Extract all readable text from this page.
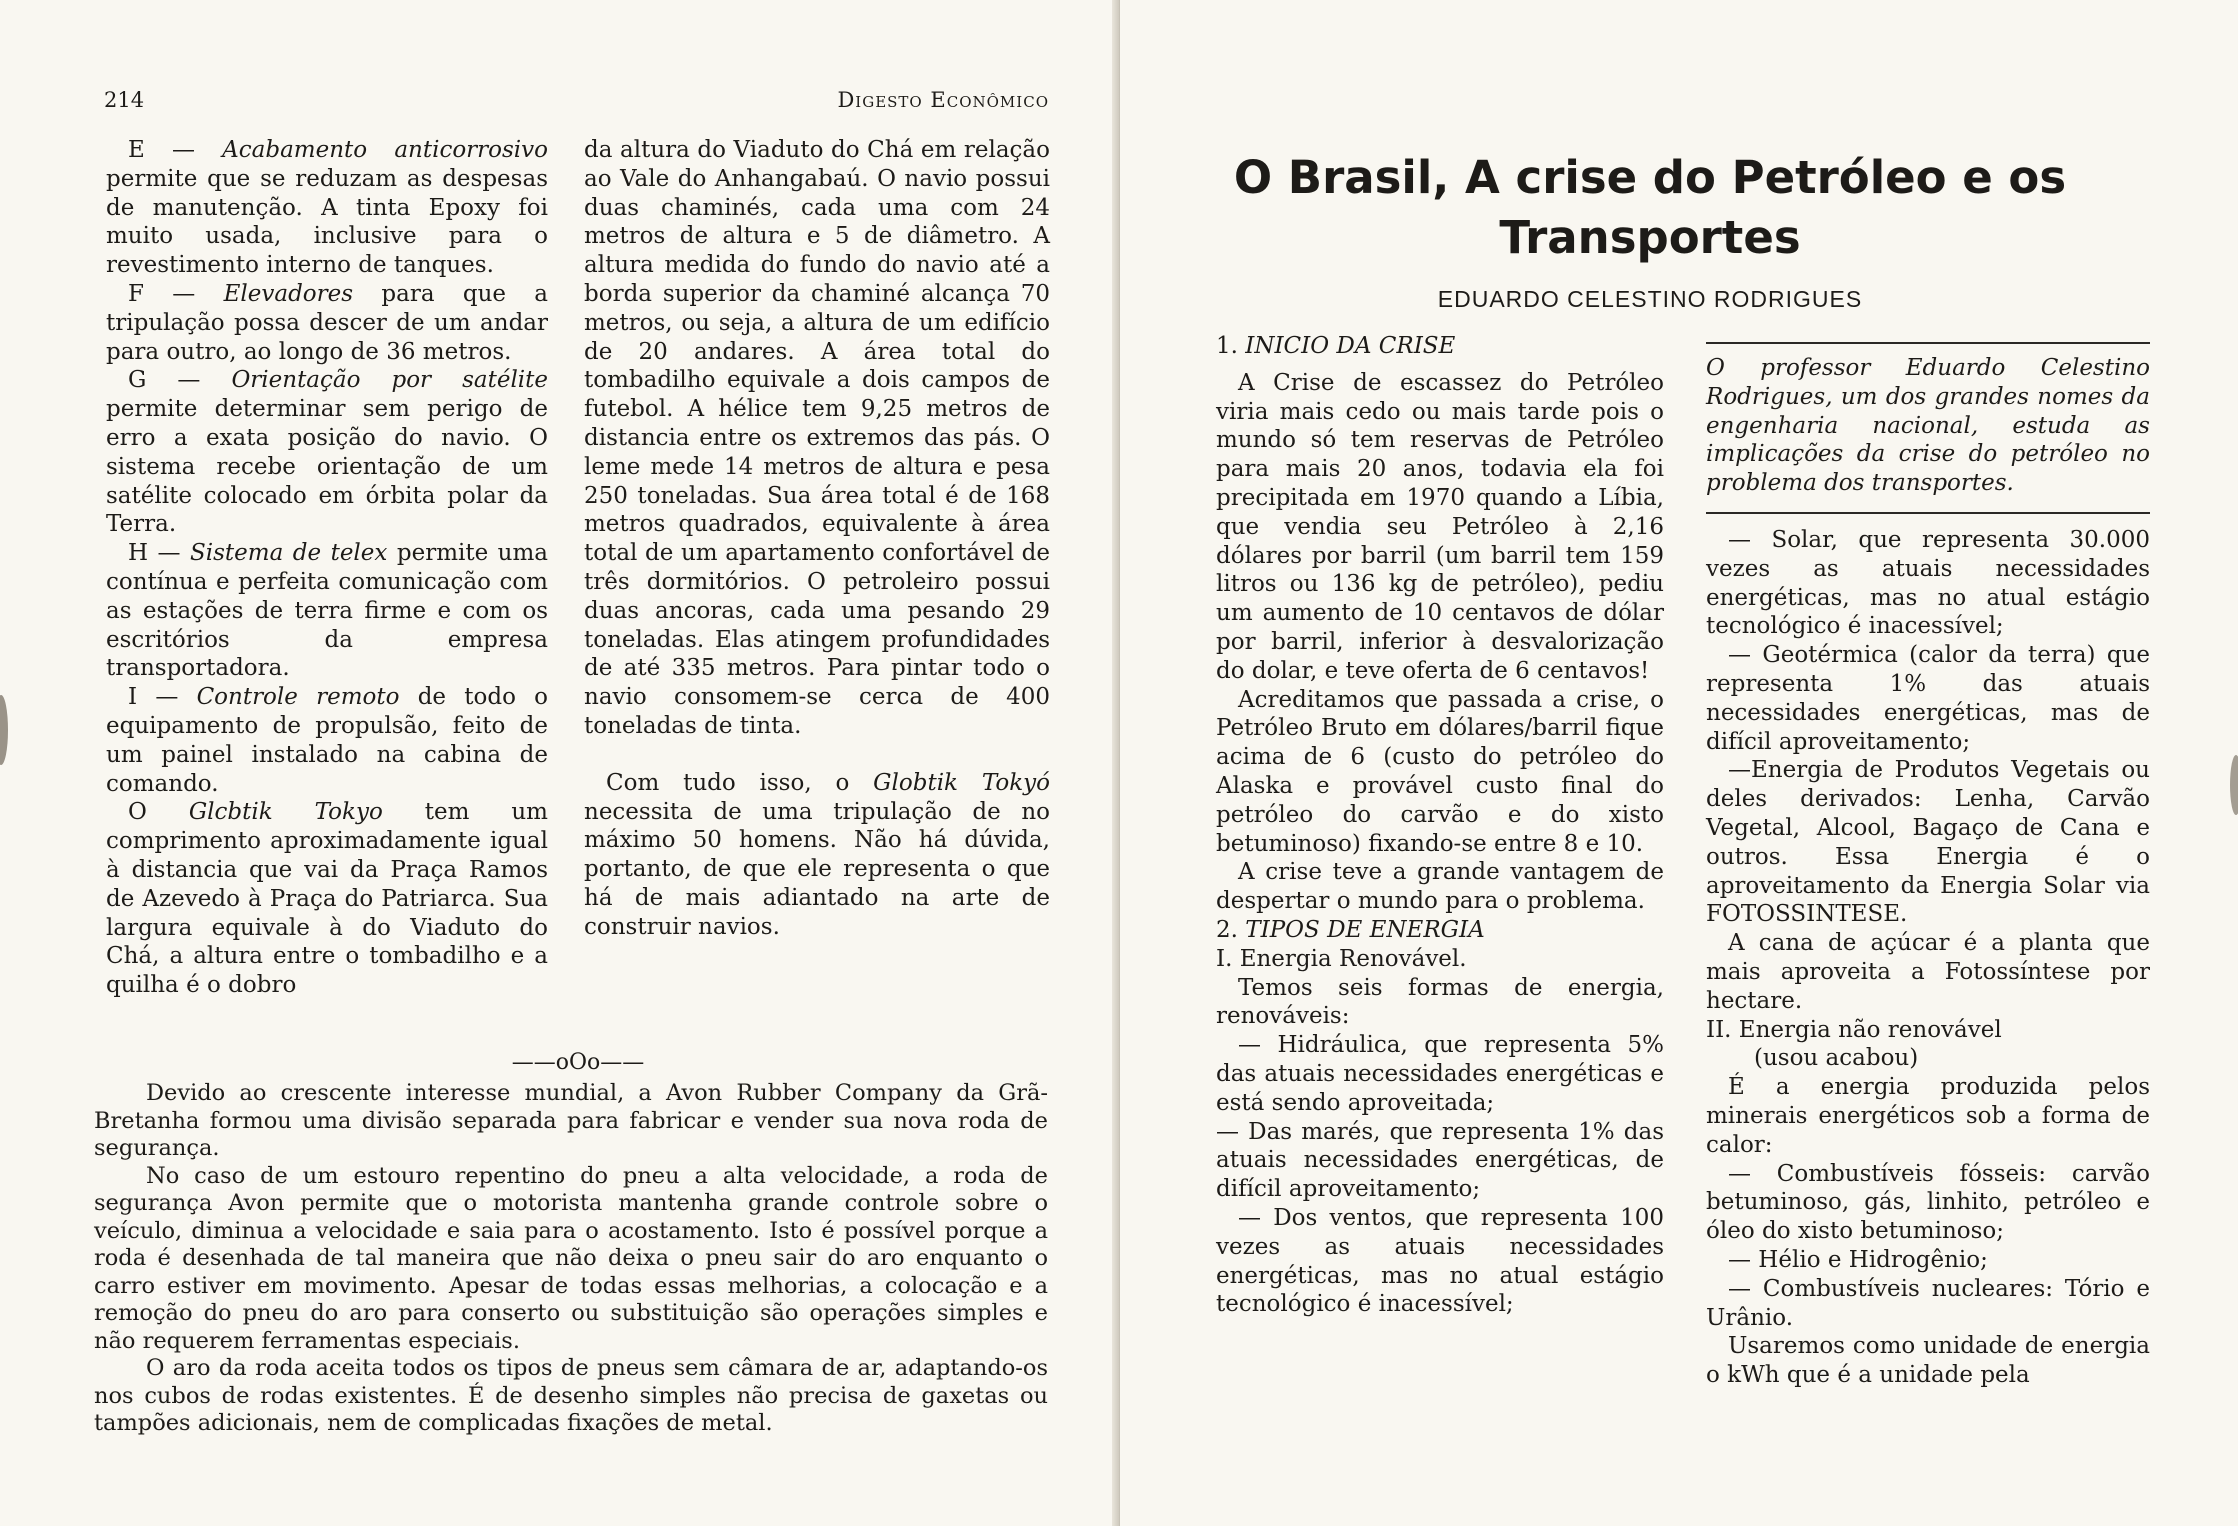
214	Digesto Econômico

E — Acabamento anticorrosivo permite que se reduzam as despesas de manutenção. A tinta Epoxy foi muito usada, inclusive para o revestimento interno de tanques.

F — Elevadores para que a tripulação possa descer de um andar para outro, ao longo de 36 metros.

G — Orientação por satélite permite determinar sem perigo de erro a exata posição do navio. O sistema recebe orientação de um satélite colocado em órbita polar da Terra.

H — Sistema de telex permite uma contínua e perfeita comunicação com as estações de terra firme e com os escritórios da empresa transportadora.

I — Controle remoto de todo o equipamento de propulsão, feito de um painel instalado na cabina de comando.

O Glcbtik Tokyo tem um comprimento aproximadamente igual à distancia que vai da Praça Ramos de Azevedo à Praça do Patriarca. Sua largura equivale à do Viaduto do Chá, a altura entre o tombadilho e a quilha é o dobro

da altura do Viaduto do Chá em relação ao Vale do Anhangabaú. O navio possui duas chaminés, cada uma com 24 metros de altura e 5 de diâmetro. A altura medida do fundo do navio até a borda superior da chaminé alcança 70 metros, ou seja, a altura de um edifício de 20 andares. A área total do tombadilho equivale a dois campos de futebol. A hélice tem 9,25 metros de distancia entre os extremos das pás. O leme mede 14 metros de altura e pesa 250 toneladas. Sua área total é de 168 metros quadrados, equivalente à área total de um apartamento confortável de três dormitórios. O petroleiro possui duas ancoras, cada uma pesando 29 toneladas. Elas atingem profundidades de até 335 metros. Para pintar todo o navio consomem-se cerca de 400 toneladas de tinta.

Com tudo isso, o Globtik Tokyó necessita de uma tripulação de no máximo 50 homens. Não há dúvida, portanto, de que ele representa o que há de mais adiantado na arte de construir navios.

——oOo——

Devido ao crescente interesse mundial, a Avon Rubber Company da Grã-Bretanha formou uma divisão separada para fabricar e vender sua nova roda de segurança.

No caso de um estouro repentino do pneu a alta velocidade, a roda de segurança Avon permite que o motorista mantenha grande controle sobre o veículo, diminua a velocidade e saia para o acostamento. Isto é possível porque a roda é desenhada de tal maneira que não deixa o pneu sair do aro enquanto o carro estiver em movimento. Apesar de todas essas melhorias, a colocação e a remoção do pneu do aro para conserto ou substituição são operações simples e não requerem ferramentas especiais.

O aro da roda aceita todos os tipos de pneus sem câmara de ar, adaptando-os nos cubos de rodas existentes. É de desenho simples não precisa de gaxetas ou tampões adicionais, nem de complicadas fixações de metal.

O Brasil, A crise do Petróleo e os
Transportes
EDUARDO CELESTINO RODRIGUES

1. INICIO DA CRISE

A Crise de escassez do Petróleo viria mais cedo ou mais tarde pois o mundo só tem reservas de Petróleo para mais 20 anos, todavia ela foi precipitada em 1970 quando a Líbia, que vendia seu Petróleo à 2,16 dólares por barril (um barril tem 159 litros ou 136 kg de petróleo), pediu um aumento de 10 centavos de dólar por barril, inferior à desvalorização do dolar, e teve oferta de 6 centavos!

Acreditamos que passada a crise, o Petróleo Bruto em dólares/barril fique acima de 6 (custo do petróleo do Alaska e provável custo final do petróleo do carvão e do xisto betuminoso) fixando-se entre 8 e 10.

A crise teve a grande vantagem de despertar o mundo para o problema.

2. TIPOS DE ENERGIA

I. Energia Renovável.

Temos seis formas de energia, renováveis:

— Hidráulica, que representa 5% das atuais necessidades energéticas e está sendo aproveitada;

— Das marés, que representa 1% das atuais necessidades energéticas, de difícil aproveitamento;

— Dos ventos, que representa 100 vezes as atuais necessidades energéticas, mas no atual estágio tecnológico é inacessível;

O professor Eduardo Celestino Rodrigues, um dos grandes nomes da engenharia nacional, estuda as implicações da crise do petróleo no problema dos transportes.

— Solar, que representa 30.000 vezes as atuais necessidades energéticas, mas no atual estágio tecnológico é inacessível;

— Geotérmica (calor da terra) que representa 1% das atuais necessidades energéticas, mas de difícil aproveitamento;

—Energia de Produtos Vegetais ou deles derivados: Lenha, Carvão Vegetal, Alcool, Bagaço de Cana e outros. Essa Energia é o aproveitamento da Energia Solar via FOTOSSINTESE.

A cana de açúcar é a planta que mais aproveita a Fotossíntese por hectare.

II. Energia não renovável

(usou acabou)

É a energia produzida pelos minerais energéticos sob a forma de calor:

— Combustíveis fósseis: carvão betuminoso, gás, linhito, petróleo e óleo do xisto betuminoso;

— Hélio e Hidrogênio;

— Combustíveis nucleares: Tório e Urânio.

Usaremos como unidade de energia o kWh que é a unidade pela
